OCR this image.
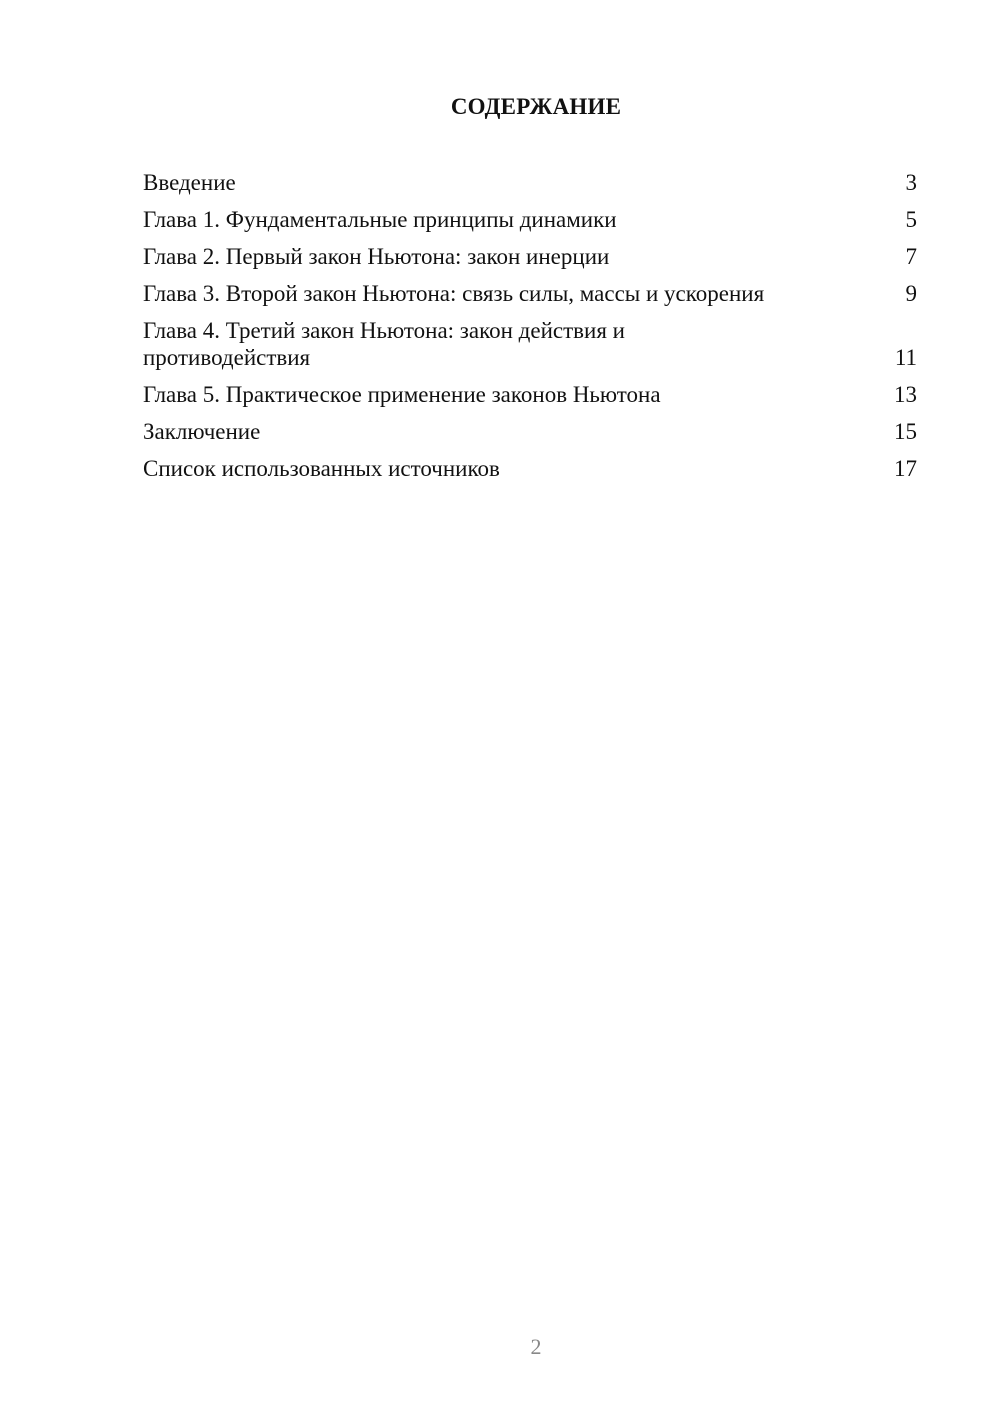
СОДЕРЖАНИЕ
Введение	3
Глава 1. Фундаментальные принципы динамики	5
Глава 2. Первый закон Ньютона: закон инерции	7
Глава 3. Второй закон Ньютона: связь силы, массы и ускорения	9
Глава 4. Третий закон Ньютона: закон действия и
противодействия	11
Глава 5. Практическое применение законов Ньютона	13
Заключение	15
Список использованных источников	17
2
